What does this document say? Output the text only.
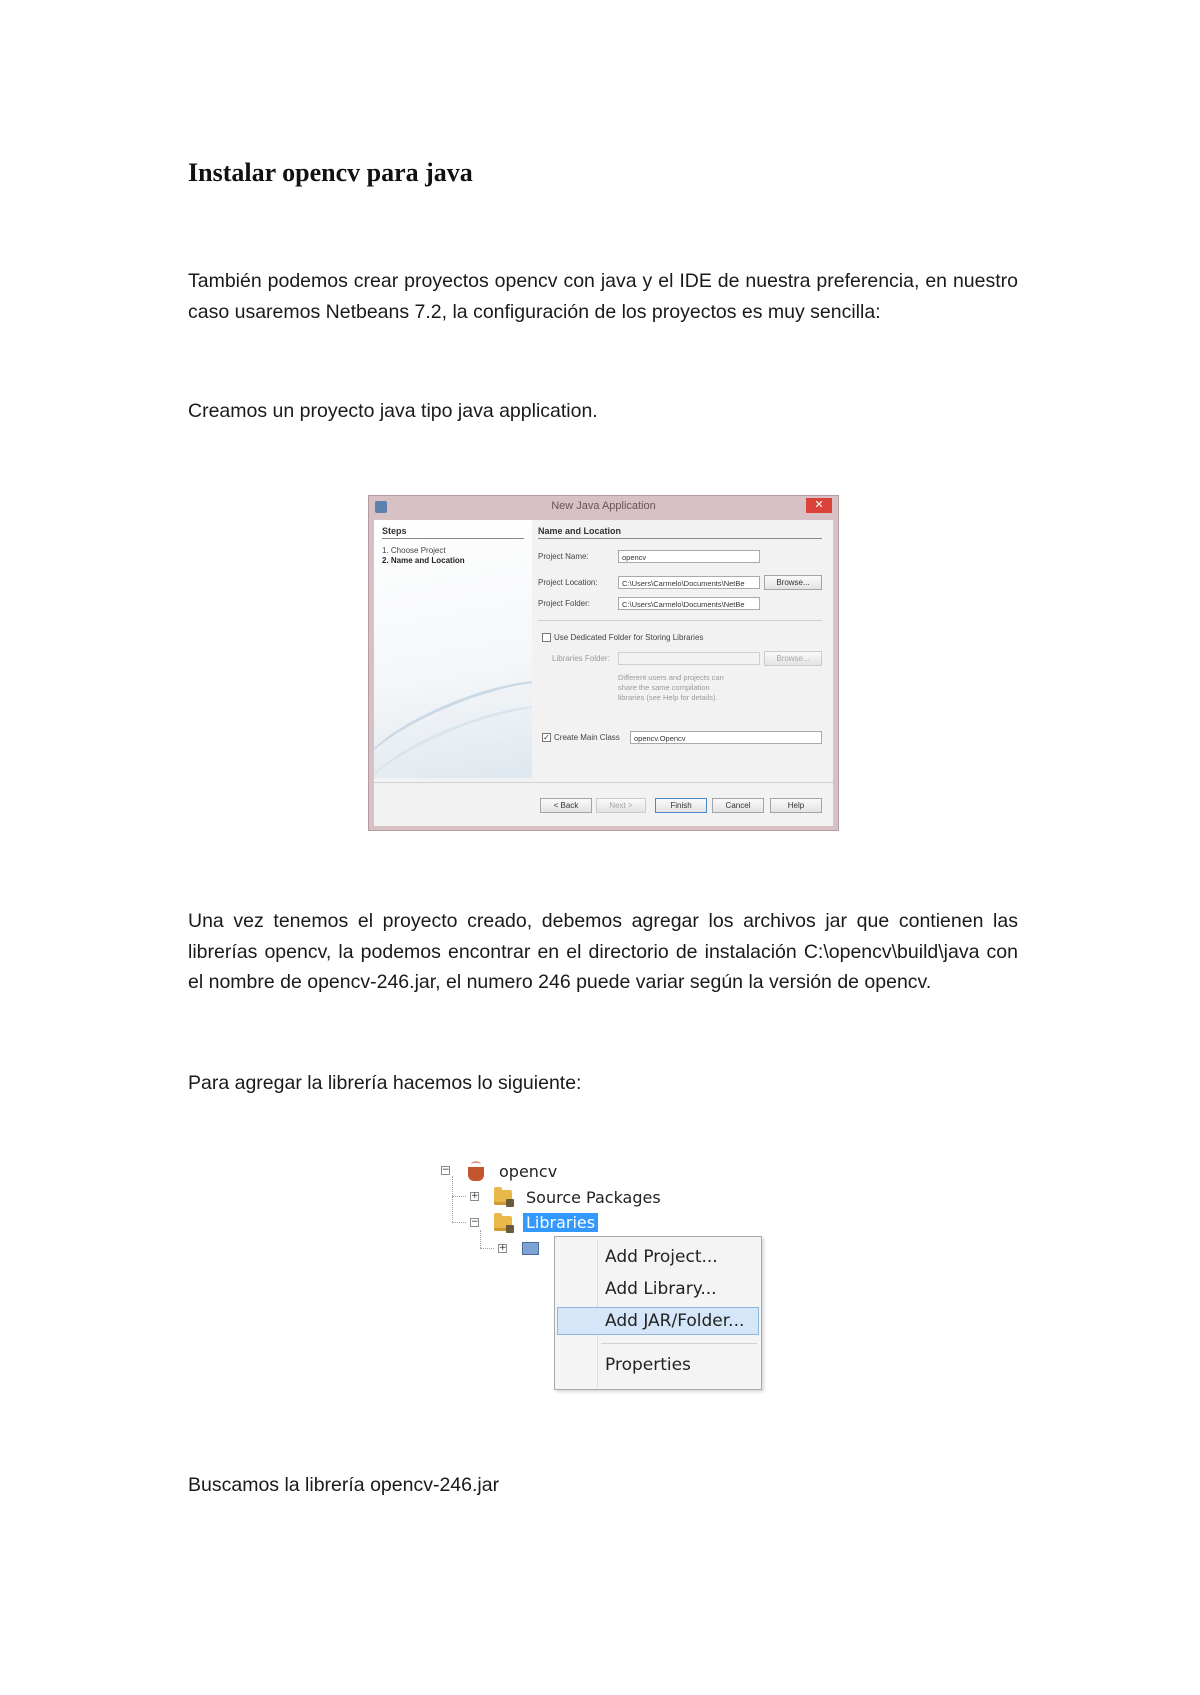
Instalar opencv para java

También podemos crear proyectos opencv con java y el IDE de nuestra preferencia, en nuestro caso usaremos Netbeans 7.2, la configuración de los proyectos es muy sencilla:

Creamos un proyecto java tipo java application.

New Java Application	✕
Steps
1. Choose Project
2. Name and Location
Name and Location
Project Name:	opencv
Project Location:	C:\Users\Carmelo\Documents\NetBe	Browse...
Project Folder:	C:\Users\Carmelo\Documents\NetBe
Use Dedicated Folder for Storing Libraries
Libraries Folder:	Browse...
Different users and projects can
share the same compilation
libraries (see Help for details).
✓ Create Main Class	opencv.Opencv
< Back	Next >	Finish	Cancel	Help

Una vez tenemos el proyecto creado, debemos agregar los archivos jar que contienen las librerías opencv, la podemos encontrar en el directorio de instalación C:\opencv\build\java con el nombre de opencv-246.jar, el numero 246 puede variar según la versión de opencv.

Para agregar la librería hacemos lo siguiente:

−	opencv
+	Source Packages
−	Libraries
+	Add Project...
Add Library...
Add JAR/Folder...
Properties

Buscamos la librería opencv-246.jar
